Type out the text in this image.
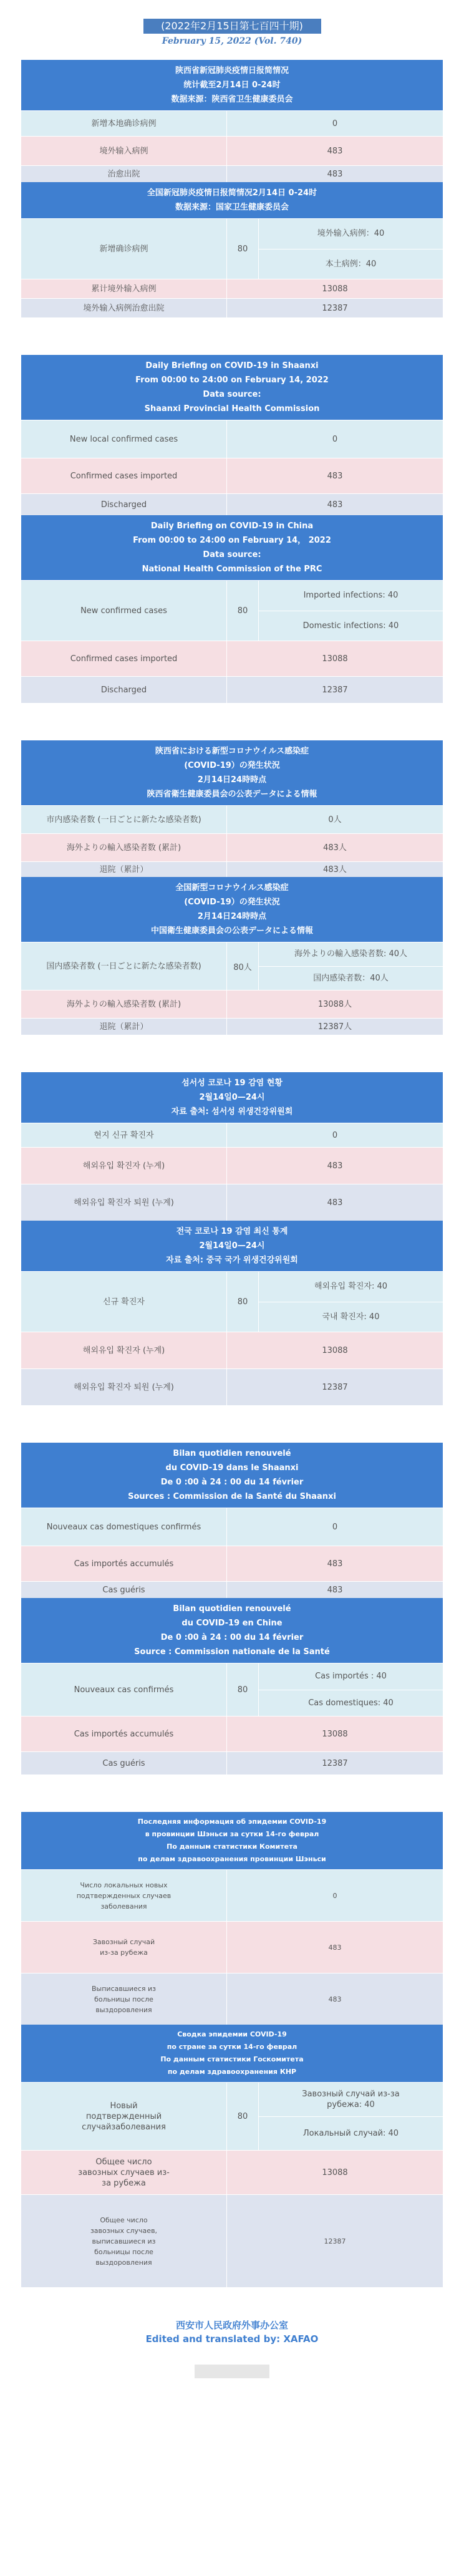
(2022年2月15日第七百四十期)
February 15, 2022 (Vol. 740)
陕西省新冠肺炎疫情日报简情况
统计截至2月14日 0-24时
数据来源：陕西省卫生健康委员会
新增本地确诊病例	0
境外输入病例	483
治愈出院	483
全国新冠肺炎疫情日报简情况2月14日 0-24时
数据来源：国家卫生健康委员会
新增确诊病例	80
境外输入病例：40
本土病例：40
累计境外输入病例	13088
境外输入病例治愈出院	12387
Daily Briefing on COVID-19 in Shaanxi
From 00:00 to 24:00 on February 14, 2022
Data source:
Shaanxi Provincial Health Commission
New local confirmed cases	0
Confirmed cases imported	483
Discharged	483
Daily Briefing on COVID-19 in China
From 00:00 to 24:00 on February 14， 2022
Data source:
National Health Commission of the PRC
New confirmed cases	80
Imported infections: 40
Domestic infections: 40
Confirmed cases imported	13088
Discharged	12387
陝西省における新型コロナウイルス感染症
(COVID-19）の発生状況
2月14日24時時点
陝西省衛生健康委員会の公表データによる情報
市内感染者数 (一日ごとに新たな感染者数)	0人
海外よりの輸入感染者数 (累計)	483人
退院（累計）	483人
全国新型コロナウイルス感染症
(COVID-19）の発生状況
2月14日24時時点
中国衛生健康委員会の公表データによる情報
国内感染者数 (一日ごとに新たな感染者数)	80人
海外よりの輸入感染者数: 40人
国内感染者数：40人
海外よりの輸入感染者数 (累計)	13088人
退院（累計）	12387人
섬서성 코로나 19 감염 현황
2월14일0—24시
자료 출처: 섬서성 위생건강위원회
현지 신규 확진자	0
해외유입 확진자 (누계)	483
해외유입 확진자 퇴원 (누계)	483
전국 코로나 19 감염 최신 통계
2월14일0—24시
자료 출처: 중국 국가 위생건강위원회
신규 확진자	80
해외유입 확진자: 40
국내 확진자: 40
해외유입 확진자 (누계)	13088
해외유입 확진자 퇴원 (누계)	12387
Bilan quotidien renouvelé
du COVID-19 dans le Shaanxi
De 0 :00 à 24 : 00 du 14 février
Sources : Commission de la Santé du Shaanxi
Nouveaux cas domestiques confirmés	0
Cas importés accumulés	483
Cas guéris	483
Bilan quotidien renouvelé
du COVID-19 en Chine
De 0 :00 à 24 : 00 du 14 février
Source : Commission nationale de la Santé
Nouveaux cas confirmés	80
Cas importés : 40
Cas domestiques: 40
Cas importés accumulés	13088
Cas guéris	12387
Последняя информация об эпидемии COVID-19
в провинции Шэньси за сутки 14-го феврал
По данным статистики Комитета
по делам здравоохранения провинции Шэньси
Число локальных новых подтвержденных случаев заболевания
0
Завозный случай из-за рубежа
483
Выписавшиеся из больницы после выздоровления
483
Сводка эпидемии COVID-19
по стране за сутки 14-го феврал
По данным статистики Госкомитета
по делам здравоохранения КНР
Новый подтвержденный случайзаболевания
80
Завозный случай из-за рубежа: 40
Локальный случай: 40
Общее число завозных случаев из-за рубежа
13088
Общее число завозных случаев, выписавшиеся из больницы после выздоровления
12387
西安市人民政府外事办公室
Edited and translated by: XAFAO
